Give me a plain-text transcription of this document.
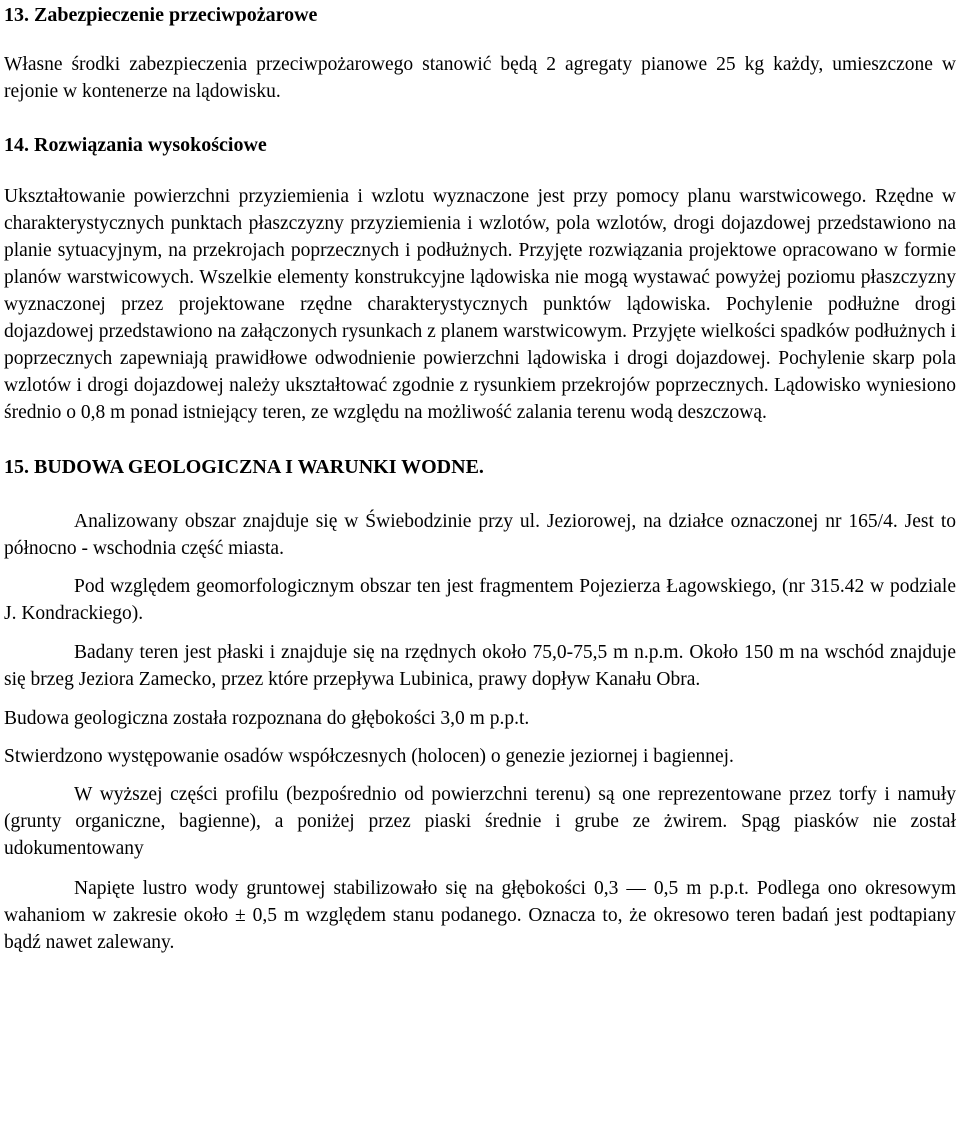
13. Zabezpieczenie przeciwpożarowe

Własne środki zabezpieczenia przeciwpożarowego stanowić będą 2 agregaty pianowe 25 kg każdy, umieszczone w rejonie w kontenerze na lądowisku.

14. Rozwiązania wysokościowe

Ukształtowanie powierzchni przyziemienia i wzlotu wyznaczone jest przy pomocy planu warstwicowego. Rzędne w charakterystycznych punktach płaszczyzny przyziemienia i wzlotów, pola wzlotów, drogi dojazdowej przedstawiono na planie sytuacyjnym, na przekrojach poprzecznych i podłużnych. Przyjęte rozwiązania projektowe opracowano w formie planów warstwicowych. Wszelkie elementy konstrukcyjne lądowiska nie mogą wystawać powyżej poziomu płaszczyzny wyznaczonej przez projektowane rzędne charakterystycznych punktów lądowiska. Pochylenie podłużne drogi dojazdowej przedstawiono na załączonych rysunkach z planem warstwicowym. Przyjęte wielkości spadków podłużnych i poprzecznych zapewniają prawidłowe odwodnienie powierzchni lądowiska i drogi dojazdowej. Pochylenie skarp pola wzlotów i drogi dojazdowej należy ukształtować zgodnie z rysunkiem przekrojów poprzecznych. Lądowisko wyniesiono średnio o 0,8 m ponad istniejący teren, ze względu na możliwość zalania terenu wodą deszczową.

15. BUDOWA GEOLOGICZNA I WARUNKI WODNE.

Analizowany obszar znajduje się w Świebodzinie przy ul. Jeziorowej, na działce oznaczonej nr 165/4. Jest to północno - wschodnia część miasta.

Pod względem geomorfologicznym obszar ten jest fragmentem Pojezierza Łagowskiego, (nr 315.42 w podziale J. Kondrackiego).

Badany teren jest płaski i znajduje się na rzędnych około 75,0-75,5 m n.p.m. Około 150 m na wschód znajduje się brzeg Jeziora Zamecko, przez które przepływa Lubinica, prawy dopływ Kanału Obra.

Budowa geologiczna została rozpoznana do głębokości 3,0 m p.p.t.

Stwierdzono występowanie osadów współczesnych (holocen) o genezie jeziornej i bagiennej.

W wyższej części profilu (bezpośrednio od powierzchni terenu) są one reprezentowane przez torfy i namuły (grunty organiczne, bagienne), a poniżej przez piaski średnie i grube ze żwirem. Spąg piasków nie został udokumentowany

Napięte lustro wody gruntowej stabilizowało się na głębokości 0,3 — 0,5 m p.p.t. Podlega ono okresowym wahaniom w zakresie około ± 0,5 m względem stanu podanego. Oznacza to, że okresowo teren badań jest podtapiany bądź nawet zalewany.
